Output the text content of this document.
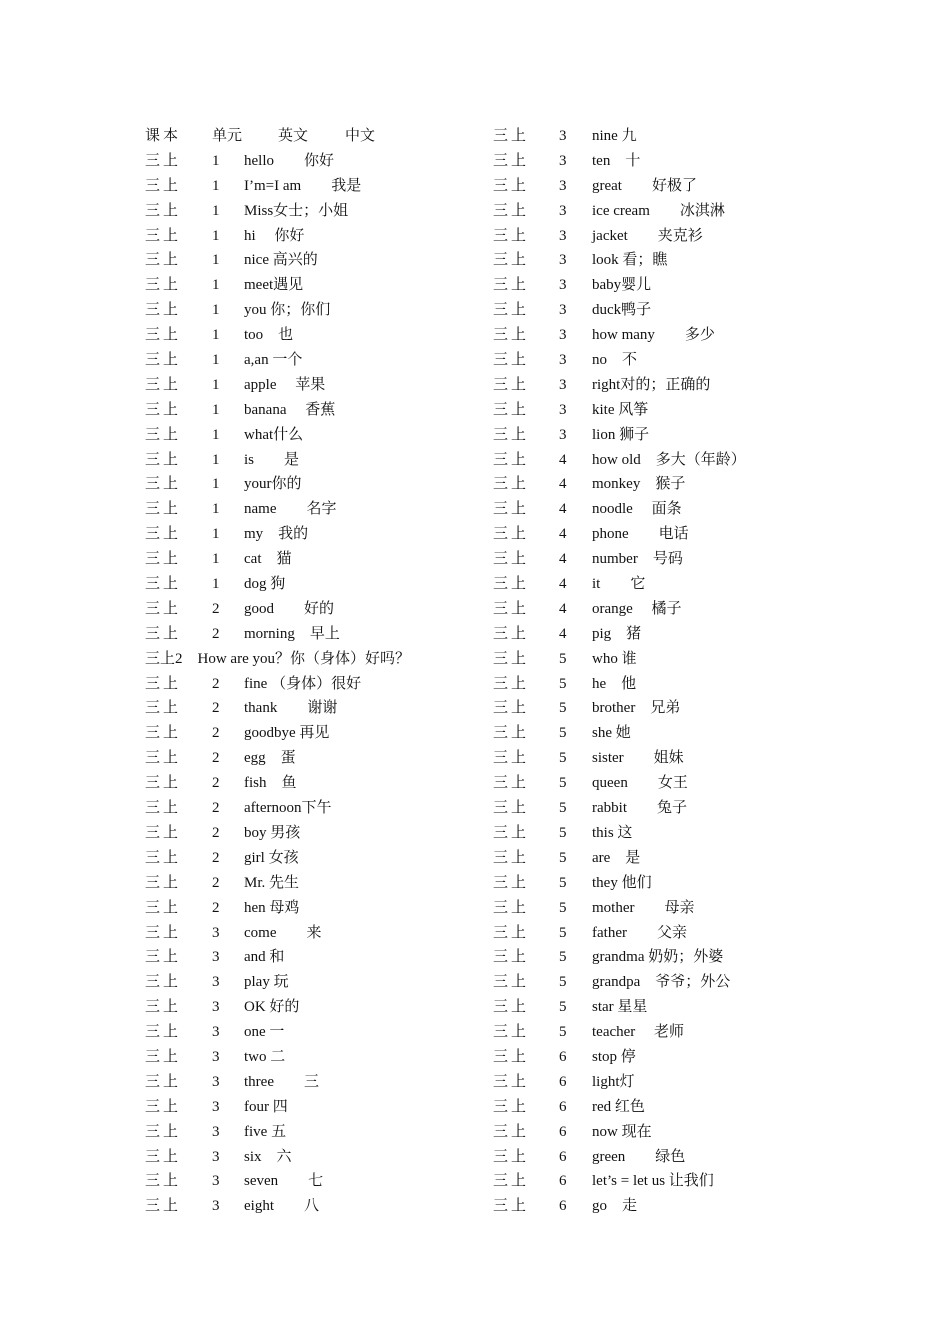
课本 单元 英文 中文
三上 1 hello　　你好
三上 1 I’m=I am　　我是
三上 1 Miss女士；小姐
三上 1 hi　 你好
三上 1 nice 高兴的
三上 1 meet遇见
三上 1 you 你；你们
三上 1 too　也
三上 1 a,an 一个
三上 1 apple　 苹果
三上 1 banana　 香蕉
三上 1 what什么
三上 1 is　　是
三上 1 your你的
三上 1 name　　名字
三上 1 my　我的
三上 1 cat　猫
三上 1 dog 狗
三上 2 good　　好的
三上 2 morning　早上
三上2　How are you？你（身体）好吗？
三上 2 fine （身体）很好
三上 2 thank　　谢谢
三上 2 goodbye 再见
三上 2 egg　蛋
三上 2 fish　鱼
三上 2 afternoon下午
三上 2 boy 男孩
三上 2 girl 女孩
三上 2 Mr. 先生
三上 2 hen 母鸡
三上 3 come　　来
三上 3 and 和
三上 3 play 玩
三上 3 OK 好的
三上 3 one 一
三上 3 two 二
三上 3 three　　三
三上 3 four 四
三上 3 five 五
三上 3 six　六
三上 3 seven　　七
三上 3 eight　　八
三上 3 nine 九
三上 3 ten　十
三上 3 great　　好极了
三上 3 ice cream　　冰淇淋
三上 3 jacket　　夹克衫
三上 3 look 看；瞧
三上 3 baby婴儿
三上 3 duck鸭子
三上 3 how many　　多少
三上 3 no　不
三上 3 right对的；正确的
三上 3 kite 风筝
三上 3 lion 狮子
三上 4 how old　多大（年龄）
三上 4 monkey　猴子
三上 4 noodle　 面条
三上 4 phone　　电话
三上 4 number　号码
三上 4 it　　它
三上 4 orange　 橘子
三上 4 pig　猪
三上 5 who 谁
三上 5 he　他
三上 5 brother　兄弟
三上 5 she 她
三上 5 sister　　姐妹
三上 5 queen　　女王
三上 5 rabbit　　兔子
三上 5 this 这
三上 5 are　是
三上 5 they 他们
三上 5 mother　　母亲
三上 5 father　　父亲
三上 5 grandma 奶奶；外婆
三上 5 grandpa　爷爷；外公
三上 5 star 星星
三上 5 teacher　 老师
三上 6 stop 停
三上 6 light灯
三上 6 red 红色
三上 6 now 现在
三上 6 green　　绿色
三上 6 let’s = let us 让我们
三上 6 go　走
